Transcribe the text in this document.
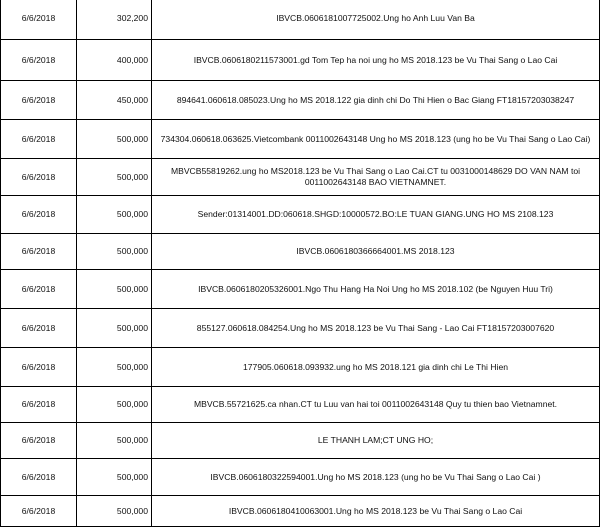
6/6/2018	302,200	IBVCB.0606181007725002.Ung ho Anh Luu Van Ba
6/6/2018	400,000	IBVCB.0606180211573001.gd Tom Tep ha noi ung ho MS 2018.123 be Vu Thai Sang o Lao Cai
6/6/2018	450,000	894641.060618.085023.Ung ho MS 2018.122 gia dinh chi Do Thi Hien o Bac Giang FT18157203038247
6/6/2018	500,000	734304.060618.063625.Vietcombank 0011002643148 Ung ho MS 2018.123 (ung ho be Vu Thai Sang o Lao Cai)
6/6/2018	500,000	MBVCB55819262.ung ho MS2018.123 be Vu Thai Sang o Lao Cai.CT tu 0031000148629 DO VAN NAM toi 0011002643148 BAO VIETNAMNET.
6/6/2018	500,000	Sender:01314001.DD:060618.SHGD:10000572.BO:LE TUAN GIANG.UNG HO MS 2108.123
6/6/2018	500,000	IBVCB.0606180366664001.MS 2018.123
6/6/2018	500,000	IBVCB.0606180205326001.Ngo Thu Hang Ha Noi Ung ho MS 2018.102 (be Nguyen Huu Tri)
6/6/2018	500,000	855127.060618.084254.Ung ho MS 2018.123 be Vu Thai Sang - Lao Cai FT18157203007620
6/6/2018	500,000	177905.060618.093932.ung ho MS 2018.121 gia dinh chi Le Thi Hien
6/6/2018	500,000	MBVCB.55721625.ca nhan.CT tu Luu van hai toi 0011002643148 Quy tu thien bao Vietnamnet.
6/6/2018	500,000	LE THANH LAM;CT UNG HO;
6/6/2018	500,000	IBVCB.0606180322594001.Ung ho MS 2018.123 (ung ho be Vu Thai Sang o Lao Cai )
6/6/2018	500,000	IBVCB.0606180410063001.Ung ho MS 2018.123 be Vu Thai Sang o Lao Cai
